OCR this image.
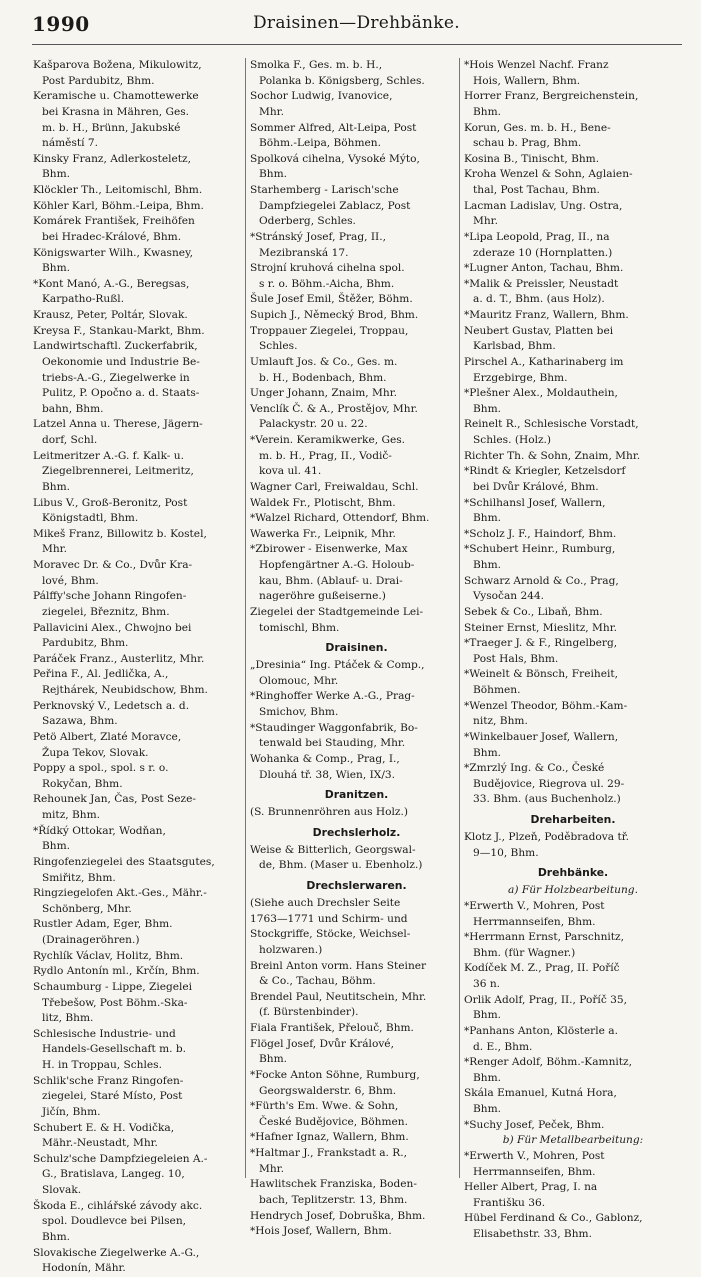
1990	Draisinen—Drehbänke.
Kašparova Božena, Mikulowitz,
Post Pardubitz, Bhm.
Keramische u. Chamottewerke
bei Krasna in Mähren, Ges.
m. b. H., Brünn, Jakubské
náměstí 7.
Kinsky Franz, Adlerkosteletz,
Bhm.
Klöckler Th., Leitomischl, Bhm.
Köhler Karl, Böhm.-Leipa, Bhm.
Komárek František, Freihöfen
bei Hradec-Králové, Bhm.
Königswarter Wilh., Kwasney,
Bhm.
*Kont Manó, A.-G., Beregsas,
Karpatho-Rußl.
Krausz, Peter, Poltár, Slovak.
Kreysa F., Stankau-Markt, Bhm.
Landwirtschaftl. Zuckerfabrik,
Oekonomie und Industrie Be-
triebs-A.-G., Ziegelwerke in
Pulitz, P. Opočno a. d. Staats-
bahn, Bhm.
Latzel Anna u. Therese, Jägern-
dorf, Schl.
Leitmeritzer A.-G. f. Kalk- u.
Ziegelbrennerei, Leitmeritz,
Bhm.
Libus V., Groß-Beronitz, Post
Königstadtl, Bhm.
Mikeš Franz, Billowitz b. Kostel,
Mhr.
Moravec Dr. & Co., Dvůr Kra-
lové, Bhm.
Pálffy'sche Johann Ringofen-
ziegelei, Březnitz, Bhm.
Pallavicini Alex., Chwojno bei
Pardubitz, Bhm.
Paráček Franz., Austerlitz, Mhr.
Peřina F., Al. Jedlička, A.,
Rejthárek, Neubidschow, Bhm.
Perknovský V., Ledetsch a. d.
Sazawa, Bhm.
Petö Albert, Zlaté Moravce,
Župa Tekov, Slovak.
Poppy a spol., spol. s r. o.
Rokyčan, Bhm.
Rehounek Jan, Čas, Post Seze-
mitz, Bhm.
*Řídký Ottokar, Wodňan,
Bhm.
Ringofenziegelei des Staatsgutes,
Smiřitz, Bhm.
Ringziegelofen Akt.-Ges., Mähr.-
Schönberg, Mhr.
Rustler Adam, Eger, Bhm.
(Drainageröhren.)
Rychlík Václav, Holitz, Bhm.
Rydlo Antonín ml., Krčín, Bhm.
Schaumburg - Lippe, Ziegelei
Třebešow, Post Böhm.-Ska-
litz, Bhm.
Schlesische Industrie- und
Handels-Gesellschaft m. b.
H. in Troppau, Schles.
Schlik'sche Franz Ringofen-
ziegelei, Staré Místo, Post
Jičín, Bhm.
Schubert E. & H. Vodička,
Mähr.-Neustadt, Mhr.
Schulz'sche Dampfziegeleien A.-
G., Bratislava, Langeg. 10,
Slovak.
Škoda E., cihlářské závody akc.
spol. Doudlevce bei Pilsen,
Bhm.
Slovakische Ziegelwerke A.-G.,
Hodonín, Mähr.
Smolka F., Ges. m. b. H.,
Polanka b. Königsberg, Schles.
Sochor Ludwig, Ivanovice,
Mhr.
Sommer Alfred, Alt-Leipa, Post
Böhm.-Leipa, Böhmen.
Spolková cihelna, Vysoké Mýto,
Bhm.
Starhemberg - Larisch'sche
Dampfziegelei Zablacz, Post
Oderberg, Schles.
*Stránský Josef, Prag, II.,
Mezibranská 17.
Strojní kruhová cihelna spol.
s r. o. Böhm.-Aicha, Bhm.
Šule Josef Emil, Štěžer, Böhm.
Supich J., Německý Brod, Bhm.
Troppauer Ziegelei, Troppau,
Schles.
Umlauft Jos. & Co., Ges. m.
b. H., Bodenbach, Bhm.
Unger Johann, Znaim, Mhr.
Venclík Č. & A., Prostějov, Mhr.
Palackystr. 20 u. 22.
*Verein. Keramikwerke, Ges.
m. b. H., Prag, II., Vodič-
kova ul. 41.
Wagner Carl, Freiwaldau, Schl.
Waldek Fr., Plotischt, Bhm.
*Walzel Richard, Ottendorf, Bhm.
Wawerka Fr., Leipnik, Mhr.
*Zbirower - Eisenwerke, Max
Hopfengärtner A.-G. Holoub-
kau, Bhm. (Ablauf- u. Drai-
nageröhre gußeiserne.)
Ziegelei der Stadtgemeinde Lei-
tomischl, Bhm.
Draisinen.
„Dresinia“ Ing. Ptáček & Comp.,
Olomouc, Mhr.
*Ringhoffer Werke A.-G., Prag-
Smichov, Bhm.
*Staudinger Waggonfabrik, Bo-
tenwald bei Stauding, Mhr.
Wohanka & Comp., Prag, I.,
Dlouhá tř. 38, Wien, IX/3.
Dranitzen.
(S. Brunnenröhren aus Holz.)
Drechslerholz.
Weise & Bitterlich, Georgswal-
de, Bhm. (Maser u. Ebenholz.)
Drechslerwaren.
(Siehe auch Drechsler Seite
1763—1771 und Schirm- und
Stockgriffe, Stöcke, Weichsel-
holzwaren.)
Breinl Anton vorm. Hans Steiner
& Co., Tachau, Böhm.
Brendel Paul, Neutitschein, Mhr.
(f. Bürstenbinder).
Fiala František, Přelouč, Bhm.
Flögel Josef, Dvůr Králové,
Bhm.
*Focke Anton Söhne, Rumburg,
Georgswalderstr. 6, Bhm.
*Fürth's Em. Wwe. & Sohn,
České Budějovice, Böhmen.
*Hafner Ignaz, Wallern, Bhm.
*Haltmar J., Frankstadt a. R.,
Mhr.
Hawlitschek Franziska, Boden-
bach, Teplitzerstr. 13, Bhm.
Hendrych Josef, Dobruška, Bhm.
*Hois Josef, Wallern, Bhm.
*Hois Wenzel Nachf. Franz
Hois, Wallern, Bhm.
Horrer Franz, Bergreichenstein,
Bhm.
Korun, Ges. m. b. H., Bene-
schau b. Prag, Bhm.
Kosina B., Tinischt, Bhm.
Kroha Wenzel & Sohn, Aglaien-
thal, Post Tachau, Bhm.
Lacman Ladislav, Ung. Ostra,
Mhr.
*Lipa Leopold, Prag, II., na
zderaze 10 (Hornplatten.)
*Lugner Anton, Tachau, Bhm.
*Malik & Preissler, Neustadt
a. d. T., Bhm. (aus Holz).
*Mauritz Franz, Wallern, Bhm.
Neubert Gustav, Platten bei
Karlsbad, Bhm.
Pirschel A., Katharinaberg im
Erzgebirge, Bhm.
*Plešner Alex., Moldauthein,
Bhm.
Reinelt R., Schlesische Vorstadt,
Schles. (Holz.)
Richter Th. & Sohn, Znaim, Mhr.
*Rindt & Kriegler, Ketzelsdorf
bei Dvůr Králové, Bhm.
*Schilhansl Josef, Wallern,
Bhm.
*Scholz J. F., Haindorf, Bhm.
*Schubert Heinr., Rumburg,
Bhm.
Schwarz Arnold & Co., Prag,
Vysočan 244.
Sebek & Co., Libaň, Bhm.
Steiner Ernst, Mieslitz, Mhr.
*Traeger J. & F., Ringelberg,
Post Hals, Bhm.
*Weinelt & Bönsch, Freiheit,
Böhmen.
*Wenzel Theodor, Böhm.-Kam-
nitz, Bhm.
*Winkelbauer Josef, Wallern,
Bhm.
*Zmrzlý Ing. & Co., České
Budějovice, Riegrova ul. 29-
33. Bhm. (aus Buchenholz.)
Dreharbeiten.
Klotz J., Plzeň, Poděbradova tř.
9—10, Bhm.
Drehbänke.
a) Für Holzbearbeitung.
*Erwerth V., Mohren, Post
Herrmannseifen, Bhm.
*Herrmann Ernst, Parschnitz,
Bhm. (für Wagner.)
Kodíček M. Z., Prag, II. Poříč
36 n.
Orlik Adolf, Prag, II., Poříč 35,
Bhm.
*Panhans Anton, Klösterle a.
d. E., Bhm.
*Renger Adolf, Böhm.-Kamnitz,
Bhm.
Skála Emanuel, Kutná Hora,
Bhm.
*Suchy Josef, Peček, Bhm.
b) Für Metallbearbeitung:
*Erwerth V., Mohren, Post
Herrmannseifen, Bhm.
Heller Albert, Prag, I. na
Františku 36.
Hübel Ferdinand & Co., Gablonz,
Elisabethstr. 33, Bhm.
